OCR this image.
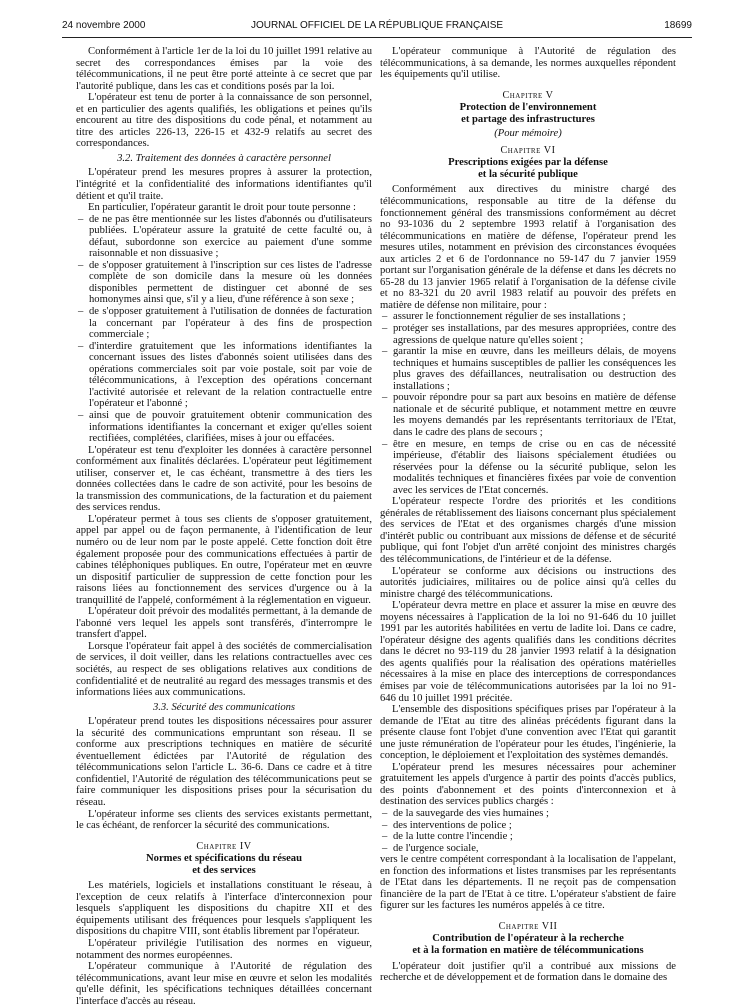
24 novembre 2000	JOURNAL OFFICIEL DE LA RÉPUBLIQUE FRANÇAISE	18699

Conformément à l'article 1er de la loi du 10 juillet 1991 relative au secret des correspondances émises par la voie des télécommunications, il ne peut être porté atteinte à ce secret que par l'autorité publique, dans les cas et conditions posés par la loi.

L'opérateur est tenu de porter à la connaissance de son personnel, et en particulier des agents qualifiés, les obligations et peines qu'ils encourent au titre des dispositions du code pénal, et notamment au titre des articles 226-13, 226-15 et 432-9 relatifs au secret des correspondances.

3.2. Traitement des données à caractère personnel

L'opérateur prend les mesures propres à assurer la protection, l'intégrité et la confidentialité des informations identifiantes qu'il détient et qu'il traite.

En particulier, l'opérateur garantit le droit pour toute personne :

– de ne pas être mentionnée sur les listes d'abonnés ou d'utilisateurs publiées. L'opérateur assure la gratuité de cette faculté ou, à défaut, subordonne son exercice au paiement d'une somme raisonnable et non dissuasive ;
– de s'opposer gratuitement à l'inscription sur ces listes de l'adresse complète de son domicile dans la mesure où les données disponibles permettent de distinguer cet abonné de ses homonymes ainsi que, s'il y a lieu, d'une référence à son sexe ;
– de s'opposer gratuitement à l'utilisation de données de facturation la concernant par l'opérateur à des fins de prospection commerciale ;
– d'interdire gratuitement que les informations identifiantes la concernant issues des listes d'abonnés soient utilisées dans des opérations commerciales soit par voie postale, soit par voie de télécommunications, à l'exception des opérations concernant l'activité autorisée et relevant de la relation contractuelle entre l'opérateur et l'abonné ;
– ainsi que de pouvoir gratuitement obtenir communication des informations identifiantes la concernant et exiger qu'elles soient rectifiées, complétées, clarifiées, mises à jour ou effacées.

L'opérateur est tenu d'exploiter les données à caractère personnel conformément aux finalités déclarées. L'opérateur peut légitimement utiliser, conserver et, le cas échéant, transmettre à des tiers les données collectées dans le cadre de son activité, pour les besoins de la transmission des communications, de la facturation et du paiement des services rendus.

L'opérateur permet à tous ses clients de s'opposer gratuitement, appel par appel ou de façon permanente, à l'identification de leur numéro ou de leur nom par le poste appelé. Cette fonction doit être également proposée pour des communications effectuées à partir de cabines téléphoniques publiques. En outre, l'opérateur met en œuvre un dispositif particulier de suppression de cette fonction pour les raisons liées au fonctionnement des services d'urgence ou à la tranquillité de l'appelé, conformément à la réglementation en vigueur.

L'opérateur doit prévoir des modalités permettant, à la demande de l'abonné vers lequel les appels sont transférés, d'interrompre le transfert d'appel.

Lorsque l'opérateur fait appel à des sociétés de commercialisation de services, il doit veiller, dans les relations contractuelles avec ces sociétés, au respect de ses obligations relatives aux conditions de confidentialité et de neutralité au regard des messages transmis et des informations liées aux communications.

3.3. Sécurité des communications

L'opérateur prend toutes les dispositions nécessaires pour assurer la sécurité des communications empruntant son réseau. Il se conforme aux prescriptions techniques en matière de sécurité éventuellement édictées par l'Autorité de régulation des télécommunications selon l'article L. 36-6. Dans ce cadre et à titre confidentiel, l'Autorité de régulation des télécommunications peut se faire communiquer les dispositions prises pour la sécurisation du réseau.

L'opérateur informe ses clients des services existants permettant, le cas échéant, de renforcer la sécurité des communications.

Chapitre IV
Normes et spécifications du réseau
et des services

Les matériels, logiciels et installations constituant le réseau, à l'exception de ceux relatifs à l'interface d'interconnexion pour lesquels s'appliquent les dispositions du chapitre XII et des équipements utilisant des fréquences pour lesquels s'appliquent les dispositions du chapitre VIII, sont établis librement par l'opérateur.

L'opérateur privilégie l'utilisation des normes en vigueur, notamment des normes européennes.

L'opérateur communique à l'Autorité de régulation des télécommunications, avant leur mise en œuvre et selon les modalités qu'elle définit, les spécifications techniques détaillées concernant l'interface d'accès au réseau.

L'opérateur communique à l'Autorité de régulation des télécommunications, à sa demande, les normes auxquelles répondent les équipements qu'il utilise.

Chapitre V
Protection de l'environnement
et partage des infrastructures
(Pour mémoire)
Chapitre VI
Prescriptions exigées par la défense
et la sécurité publique

Conformément aux directives du ministre chargé des télécommunications, responsable au titre de la défense du fonctionnement général des transmissions conformément au décret no 93-1036 du 2 septembre 1993 relatif à l'organisation des télécommunications en matière de défense, l'opérateur prend les mesures utiles, notamment en prévision des circonstances évoquées aux articles 2 et 6 de l'ordonnance no 59-147 du 7 janvier 1959 portant sur l'organisation générale de la défense et dans les décrets no 65-28 du 13 janvier 1965 relatif à l'organisation de la défense civile et no 83-321 du 20 avril 1983 relatif au pouvoir des préfets en matière de défense non militaire, pour :

– assurer le fonctionnement régulier de ses installations ;
– protéger ses installations, par des mesures appropriées, contre des agressions de quelque nature qu'elles soient ;
– garantir la mise en œuvre, dans les meilleurs délais, de moyens techniques et humains susceptibles de pallier les conséquences les plus graves des défaillances, neutralisation ou destruction des installations ;
– pouvoir répondre pour sa part aux besoins en matière de défense nationale et de sécurité publique, et notamment mettre en œuvre les moyens demandés par les représentants territoriaux de l'Etat, dans le cadre des plans de secours ;
– être en mesure, en temps de crise ou en cas de nécessité impérieuse, d'établir des liaisons spécialement étudiées ou réservées pour la défense ou la sécurité publique, selon les modalités techniques et financières fixées par voie de convention avec les services de l'Etat concernés.

L'opérateur respecte l'ordre des priorités et les conditions générales de rétablissement des liaisons concernant plus spécialement des services de l'Etat et des organismes chargés d'une mission d'intérêt public ou contribuant aux missions de défense et de sécurité publique, qui font l'objet d'un arrêté conjoint des ministres chargés des télécommunications, de l'intérieur et de la défense.

L'opérateur se conforme aux décisions ou instructions des autorités judiciaires, militaires ou de police ainsi qu'à celles du ministre chargé des télécommunications.

L'opérateur devra mettre en place et assurer la mise en œuvre des moyens nécessaires à l'application de la loi no 91-646 du 10 juillet 1991 par les autorités habilitées en vertu de ladite loi. Dans ce cadre, l'opérateur désigne des agents qualifiés dans les conditions décrites dans le décret no 93-119 du 28 janvier 1993 relatif à la désignation des agents qualifiés pour la réalisation des opérations matérielles nécessaires à la mise en place des interceptions de correspondances émises par voie de télécommunications autorisées par la loi no 91-646 du 10 juillet 1991 précitée.

L'ensemble des dispositions spécifiques prises par l'opérateur à la demande de l'Etat au titre des alinéas précédents figurant dans la présente clause font l'objet d'une convention avec l'Etat qui garantit une juste rémunération de l'opérateur pour les études, l'ingénierie, la conception, le déploiement et l'exploitation des systèmes demandés.

L'opérateur prend les mesures nécessaires pour acheminer gratuitement les appels d'urgence à partir des points d'accès publics, des points d'abonnement et des points d'interconnexion et à destination des services publics chargés :

– de la sauvegarde des vies humaines ;
– des interventions de police ;
– de la lutte contre l'incendie ;
– de l'urgence sociale,

vers le centre compétent correspondant à la localisation de l'appelant, en fonction des informations et listes transmises par les représentants de l'Etat dans les départements. Il ne reçoit pas de compensation financière de la part de l'Etat à ce titre. L'opérateur s'abstient de faire figurer sur les factures les numéros appelés à ce titre.

Chapitre VII
Contribution de l'opérateur à la recherche
et à la formation en matière de télécommunications

L'opérateur doit justifier qu'il a contribué aux missions de recherche et de développement et de formation dans le domaine des
